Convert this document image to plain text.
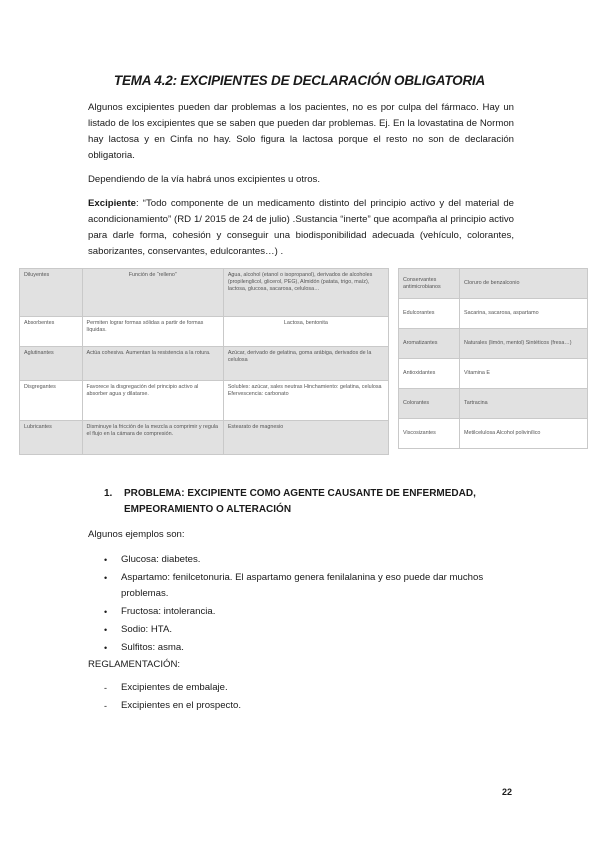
TEMA 4.2: EXCIPIENTES DE DECLARACIÓN OBLIGATORIA
Algunos excipientes pueden dar problemas a los pacientes, no es por culpa del fármaco. Hay un listado de los excipientes que se saben que pueden dar problemas. Ej. En la lovastatina de Normon hay lactosa y en Cinfa no hay. Solo figura la lactosa porque el resto no son de declaración obligatoria.
Dependiendo de la vía habrá unos excipientes u otros.
Excipiente: “Todo componente de un medicamento distinto del principio activo y del material de acondicionamiento” (RD 1/ 2015 de 24 de julio) .Sustancia “inerte” que acompaña al principio activo para darle forma, cohesión y conseguir una biodisponibilidad adecuada (vehículo, colorantes, saborizantes, conservantes, edulcorantes…) .
Diluyentes	Función de “relleno”	Agua, alcohol (etanol o isopropanol), derivados de alcoholes (propilenglicol, glicerol, PEG), Almidón (patata, trigo, maíz), lactosa, glucosa, sacarosa, celulosa…
Absorbentes	Permiten lograr formas sólidas a partir de formas líquidas.	Lactosa, bentonita
Aglutinantes	Actúa cohesiva. Aumentan la resistencia a la rotura.	Azúcar, derivado de gelatina, goma arábiga, derivados de la celulosa
Disgregantes	Favorece la disgregación del principio activo al absorber agua y dilatarse.	Solubles: azúcar, sales neutras Hinchamiento: gelatina, celulosa Efervescencia: carbonato
Lubricantes	Disminuye la fricción de la mezcla a comprimir y regula el flujo en la cámara de compresión.	Estearato de magnesio
Conservantes antimicrobianos	Cloruro de benzalconio
Edulcorantes	Sacarina, sacarosa, aspartamo
Aromatizantes	Naturales (limón, mentol) Sintéticos (fresa…)
Antioxidantes	Vitamina E
Colorantes	Tartracina
Viscosizantes	Metilcelulosa Alcohol polivinílico
1. PROBLEMA: EXCIPIENTE COMO AGENTE CAUSANTE DE ENFERMEDAD, EMPEORAMIENTO O ALTERACIÓN
Algunos ejemplos son:
• Glucosa: diabetes.
• Aspartamo: fenilcetonuria. El aspartamo genera fenilalanina y eso puede dar muchos problemas.
• Fructosa: intolerancia.
• Sodio: HTA.
• Sulfitos: asma.
REGLAMENTACIÓN:
- Excipientes de embalaje.
- Excipientes en el prospecto.
22
